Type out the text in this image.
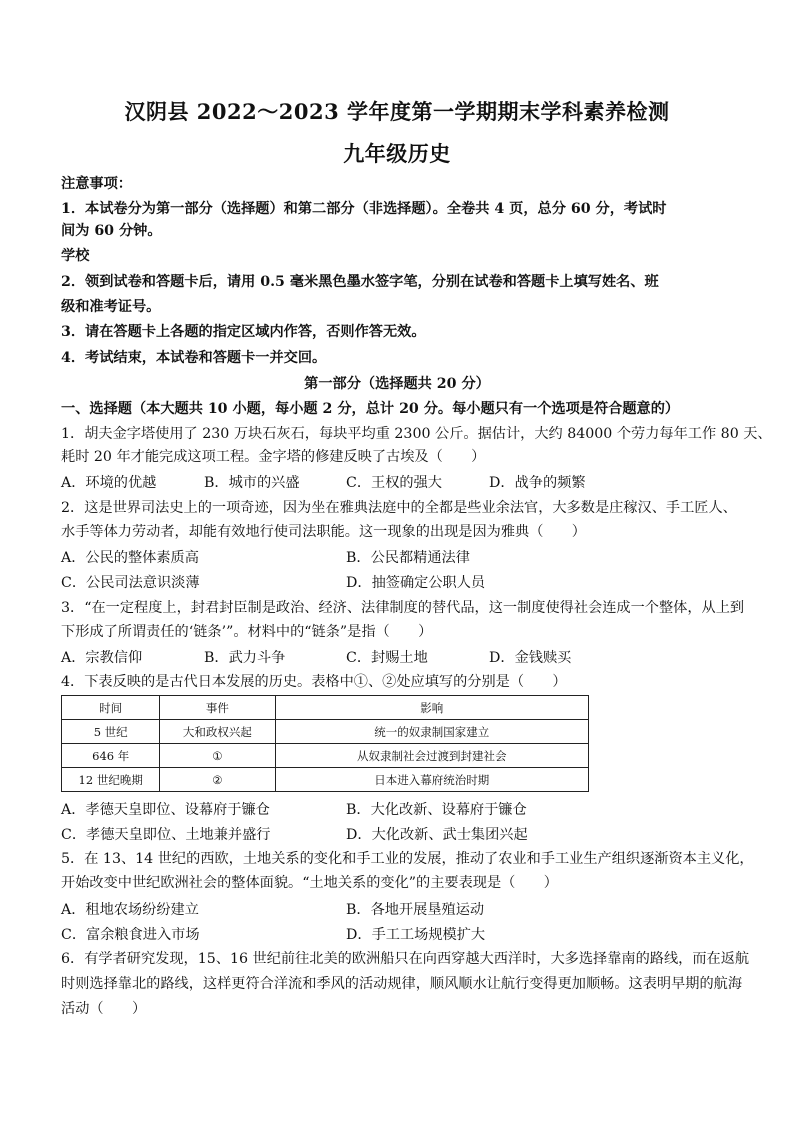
汉阴县 2022～2023 学年度第一学期期末学科素养检测
九年级历史
注意事项：
1．本试卷分为第一部分（选择题）和第二部分（非选择题）。全卷共 4 页，总分 60 分，考试时
间为 60 分钟。
学校
2．领到试卷和答题卡后，请用 0.5 毫米黑色墨水签字笔，分别在试卷和答题卡上填写姓名、班
级和准考证号。
3．请在答题卡上各题的指定区域内作答，否则作答无效。
4．考试结束，本试卷和答题卡一并交回。
第一部分（选择题共 20 分）
一、选择题（本大题共 10 小题，每小题 2 分，总计 20 分。每小题只有一个选项是符合题意的）
1．胡夫金字塔使用了 230 万块石灰石，每块平均重 2300 公斤。据估计，大约 84000 个劳力每年工作 80 天、
耗时 20 年才能完成这项工程。金字塔的修建反映了古埃及（　　）
A．环境的优越	B．城市的兴盛	C．王权的强大	D．战争的频繁
2．这是世界司法史上的一项奇迹，因为坐在雅典法庭中的全都是些业余法官，大多数是庄稼汉、手工匠人、
水手等体力劳动者，却能有效地行使司法职能。这一现象的出现是因为雅典（　　）
A．公民的整体素质高	B．公民都精通法律
C．公民司法意识淡薄	D．抽签确定公职人员
3．“在一定程度上，封君封臣制是政治、经济、法律制度的替代品，这一制度使得社会连成一个整体，从上到
下形成了所谓责任的‘链条’”。材料中的“链条”是指（　　）
A．宗教信仰	B．武力斗争	C．封赐土地	D．金钱赎买
4．下表反映的是古代日本发展的历史。表格中①、②处应填写的分别是（　　）
时间	事件	影响
5 世纪	大和政权兴起	统一的奴隶制国家建立
646 年	①	从奴隶制社会过渡到封建社会
12 世纪晚期	②	日本进入幕府统治时期
A．孝德天皇即位、设幕府于镰仓	B．大化改新、设幕府于镰仓
C．孝德天皇即位、土地兼并盛行	D．大化改新、武士集团兴起
5．在 13、14 世纪的西欧，土地关系的变化和手工业的发展，推动了农业和手工业生产组织逐渐资本主义化，
开始改变中世纪欧洲社会的整体面貌。“土地关系的变化”的主要表现是（　　）
A．租地农场纷纷建立	B．各地开展垦殖运动
C．富余粮食进入市场	D．手工工场规模扩大
6．有学者研究发现，15、16 世纪前往北美的欧洲船只在向西穿越大西洋时，大多选择靠南的路线，而在返航
时则选择靠北的路线，这样更符合洋流和季风的活动规律，顺风顺水让航行变得更加顺畅。这表明早期的航海
活动（　　）
